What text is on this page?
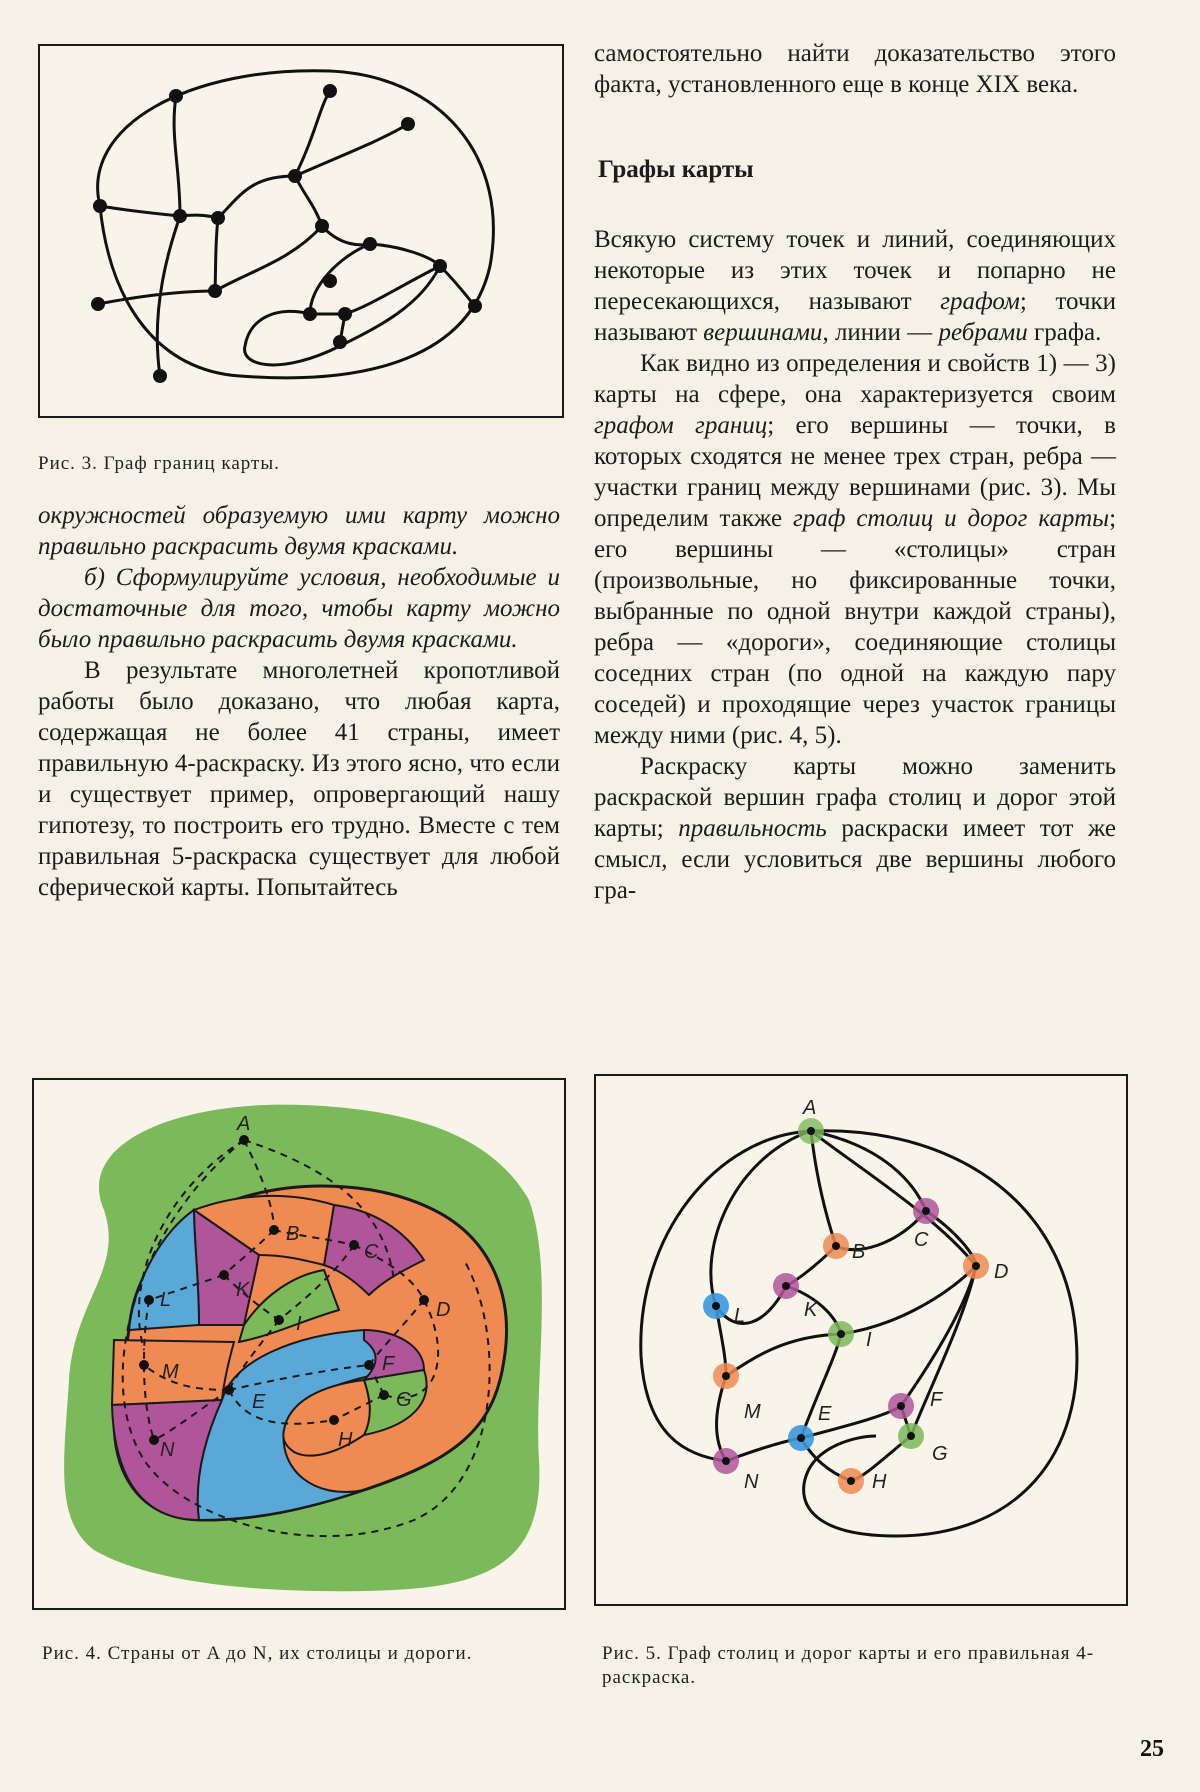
Рис. 3. Граф границ карты.

окружностей образуемую ими карту можно правильно раскрасить двумя красками.

б) Сформулируйте условия, необходимые и достаточные для того, чтобы карту можно было правильно раскрасить двумя красками.

В результате многолетней кропотливой работы было доказано, что любая карта, содержащая не более 41 страны, имеет правильную 4-раскраску. Из этого ясно, что если и существует пример, опровергающий нашу гипотезу, то построить его трудно. Вместе с тем правильная 5-раскраска существует для любой сферической карты. Попытайтесь

самостоятельно найти доказательство этого факта, установленного еще в конце XIX века.

Графы карты

Всякую систему точек и линий, соединяющих некоторые из этих точек и попарно не пересекающихся, называют графом; точки называют вершинами, линии — ребрами графа.

Как видно из определения и свойств 1) — 3) карты на сфере, она характеризуется своим графом границ; его вершины — точки, в которых сходятся не менее трех стран, ребра — участки границ между вершинами (рис. 3). Мы определим также граф столиц и дорог карты; его вершины — «столицы» стран (произвольные, но фиксированные точки, выбранные по одной внутри каждой страны), ребра — «дороги», соединяющие столицы соседних стран (по одной на каждую пару соседей) и проходящие через участок границы между ними (рис. 4, 5).

Раскраску карты можно заменить раскраской вершин графа столиц и дорог этой карты; правильность раскраски имеет тот же смысл, если условиться две вершины любого гра-

A
B
C
D
E
F
G
H
I
K
L
M
N
Рис. 4. Страны от A до N, их столицы и дороги.
A
B
C
D
E
F
G
H
I
K
L
M
N
Рис. 5. Граф столиц и дорог карты и его правильная 4-раскраска.
25
